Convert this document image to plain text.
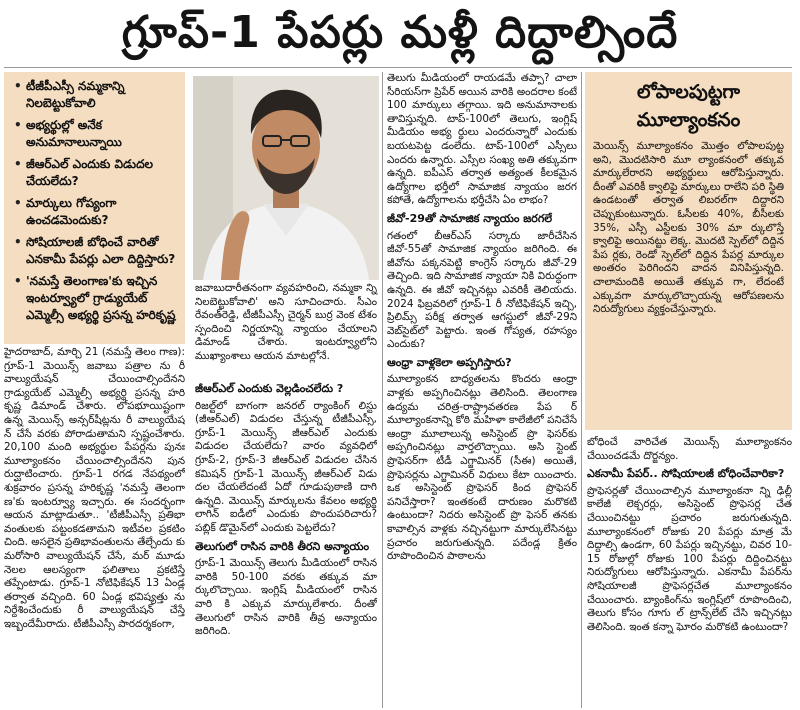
గ్రూప్-1 పేపర్లు మళ్లీ దిద్దాల్సిందే
• టీజీపీఎస్సీ నమ్మకాన్ని నిలబెట్టుకోవాలి
• అభ్యర్థుల్లో అనేక అనుమానాలున్నాయి
• జీఆర్ఎల్ ఎందుకు విడుదల చేయలేదు?
• మార్కులు గోప్యంగా ఉంచడమెందుకు?
• సోషియాలజీ బోధించే వారితో ఎనకామీ పేపర్లు ఎలా దిద్దిస్తారు?
• 'నమస్తే తెలంగాణ'కు ఇచ్చిన ఇంటర్వ్యూలో గ్రాడ్యుయేట్ ఎమ్మెల్సీ అభ్యర్థి ప్రసన్న హరికృష్ణ
జవాబుదారీతనంగా వ్యవహరించి, నమ్మకా న్ని నిలబెట్టుకోవాలి' అని సూచించారు. సీఎం రేవంత్‌రెడ్డి, టీజీపీఎస్సీ చైర్మన్ బుర్ర వెంక టేశం స్పందించి నిర్ణయాన్ని న్యాయం చేయాలని డిమాండ్ చేశారు. ఇంటర్వ్యూలోని ముఖ్యాంశాలు ఆయన మాటల్లోనే.

హైదరాబాద్, మార్చి 21 (నమస్తే తెలం గాణ): గ్రూప్-1 మెయిన్స్ జవాబు పత్రాల ను రీ వాల్యుయేషన్ చేయించాల్సిందేనని గ్రాడ్యుయేట్ ఎమ్మెల్సీ అభ్యర్థి ప్రసన్న హరి కృష్ణ డిమాండ్ చేశారు. లోపభూయిష్టంగా ఉన్న మెయిన్స్ అన్సర్‌షీట్లను రీ వాల్యుయేష న్ చేసే వరకు పోరాడుతామని స్పష్టంచేశారు. 20,100 మంది అభ్యర్థుల పేపర్లను పునః మూల్యాంకనం చేయించాల్సిందేనని పున రుద్ఘాటించారు. గ్రూప్-1 రగడ నేపథ్యంలో శుక్రవారం ప్రసన్న హరికృష్ణ 'నమస్తే తెలంగా ణ'కు ఇంటర్వ్యూ ఇచ్చారు. ఈ సందర్భంగా ఆయన మాట్లాడుతూ.. 'టీజీపీఎస్సీ ప్రతిభా వంతులకు పట్టంకడతామని ఇటీవల ప్రకటిం చింది. అసలైన ప్రతిభావంతులను తేల్చేందు కు మరోసారి వాల్యుయేషన్ చేసే, మర్ మూడు నెలల ఆలస్యంగా ఫలితాలు ప్రకటిస్తే తప్పేంటాడు. గ్రూప్-1 నోటిఫికేషన్ 13 ఏండ్ల తర్వాత వచ్చింది. 60 ఏండ్ల భవిష్యత్తు ను నిర్దేశించేందుకు రీ వాల్యుయేషన్ చేస్తే ఇబ్బందేమీరాదు. టీజీపీఎస్సీ పారదర్శకంగా,

జీఆర్ఎల్ ఎందుకు వెల్లడించలేదు ?

రిజల్ట్‌లో బాగంగా జనరల్ ర్యాంకింగ్ లిస్టు (జీఆర్ఎల్) విడుదల చేస్తున్న టీజీపీఎస్సీ, గ్రూప్-1 మెయిన్స్ జీఆర్ఎల్ ఎందుకు విడుదల చేయలేదు? వారం వ్యవధిలో గ్రూప్-2, గ్రూప్-3 జీఆర్ఎల్ విడుదల చేసిన కమిషన్ గ్రూప్-1 మెయిన్స్ జీఆర్ఎల్ విడు దల చేయలేదంటే ఏదో గూడుపుఠాణి దాగి ఉన్నది. మెయిన్స్ మార్కులను కేవలం అభ్యర్థి లాగిన్ ఐడీలో ఎందుకు పొందుపరిచారు? పబ్లిక్ డొమైన్‌లో ఎందుకు పెట్టలేదు?

తెలుగులో రాసిన వారికి తీరని అన్యాయం

గ్రూప్-1 మెయిన్స్ తెలుగు మీడియంలో రాసిన వారికి 50-100 వరకు తక్కువ మా ర్కులొచ్చాయి. ఇంగ్లిష్ మీడియంలో రాసిన వారి కి ఎక్కువ మార్కులేశారు. దీంతో తెలుగులో రాసిన వారికి తీవ్ర అన్యాయం జరిగింది.

తెలుగు మీడియంలో రాయడమే తప్పా? చాలా సీరియస్‌గా ప్రిపేర్ అయిన వారికి అందరాల కంటే 100 మార్కులు తగ్గాయి. ఇది అనుమానాలకు తావిస్తున్నది. టాప్-100లో తెలుగు, ఇంగ్లిష్ మీడియం అభ్య ర్థులు ఎందరున్నారో ఎందుకు బయటపెట్ట డంలేదు. టాప్-100లో ఎస్సీలు ఎందరు ఉన్నారు. ఎస్సీల సంఖ్య అతి తక్కువగా ఉన్నది. ఐపీఎస్ తర్వాత అత్యంత కీలకమైన ఉద్యోగాల భర్తీలో సామాజిక న్యాయం జరగ కపోతే, ఉద్యోగాలను భర్తీచేసి ఏం లాభం?

జీవో-29తో సామాజిక న్యాయం జరగలే

గతంలో బీఆర్ఎస్ సర్కారు జారీచేసిన జీవో-55తో సామాజిక న్యాయం జరిగింది. ఈ జీవోను పక్కనపెట్టి కాంగ్రెస్ సర్కారు జీవో-29 తెచ్చింది. ఇది సామాజిక న్యాయా నికి విరుద్ధంగా ఉన్నది. ఈ జీవో ఇచ్చినట్లు ఎవరికీ తెలియదు. 2024 ఫిబ్రవరిలో గ్రూప్-1 రీ నోటిఫికేషన్ ఇచ్చి, ప్రిలిమ్స్ పరీక్ష తర్వాత ఆగస్టులో జీవో-29ని వెబ్‌సైట్‌లో పెట్టారు. ఇంత గోప్యత, రహస్యం ఎందుకు?

ఆంధ్రా వాళ్లకెలా అప్పగిస్తారు?

మూల్యాంకన బాధ్యతలను కొందరు ఆంధ్రా వాళ్లకు అప్పగించినట్లు తెలిసింది. తెలంగాణ ఉద్యమ చరిత్ర-రాష్ట్రావతరణ పేప ర్ మూల్యాంకనాన్ని కోఠి మహిళా కాలేజీలో పనిచేసే ఆంధ్రా మూలాలున్న అసిస్టెంట్ ప్రొ ఫెసర్‌కు అప్పగించినట్లు వార్తలొచ్చాయి. అసి స్టెంట్ ప్రొఫెసర్‌గా టీడీ ఎగ్జామినర్ (సీఈ) అయితే, ప్రొఫెసర్లను ఎగ్జామినర్‌ విధులు కేటా యించారు. ఒక అసిస్టెంట్ ప్రొఫెసర్ కింద ప్రొఫెసర్ పనిచేస్తారా? ఇంతకంటే దారుణం మరొకటి ఉంటుందా? నిదరు అసిస్టెంట్ ప్రొ ఫెసర్ తనకు కావాల్సిన వాళ్లకు నచ్చినట్టుగా మార్కులేసినట్టు ప్రచారం జరుగుతున్నది. పదేండ్ల క్రితం రూపొందించిన పాఠాలను

లోపాలపుట్టగా
మూల్యాంకనం
మెయిన్స్ మూల్యాంకనం మొత్తం లోపాలపుట్ట అని, మొదటిసారి మూ ల్యాంకనంలో తక్కువ మార్కులేరారని అభ్యర్థులు ఆరోపిస్తున్నారు. దీంతో ఎవరికీ క్వాలిఫై మార్కులు రాలేని పరి స్థితి ఉండటంతో తర్వాత లిబరల్‌గా దిద్దారని చెప్పుకుంటున్నారు. ఓసీలకు 40%, బీసీలకు 35%, ఎస్సీ ఎస్టీలకు 30% మా ర్కులొస్తే క్వాలిఫై అయినట్టు లెక్క. మొదటి స్పెల్‌లో దిద్దిన పేప ర్లకు, రెండో స్పెల్‌లో దిద్దిన పేపర్ల మార్కుల అంతరం పెరిగిందని వాదన వినిపిస్తున్నది. చాలామందికి అయితే తక్కువ గా, లేదంటే ఎక్కువగా మార్కులొచ్చాయన్న ఆరోపణలను నిరుద్యోగులు వ్యక్తంచేస్తున్నారు.

బోధించే వారిచేత మెయిన్స్ మూల్యాంకనం చేయించడమే దొర్జన్యం.

ఎకనామీ పేపర్.. సోషియాలజీ బోధించేవారికా?

ప్రొఫెసర్లతో చేయించాల్సిన మూల్యాంకనా న్ని ఢిల్లీ కాలేజీ లెక్చరర్లు, అసిస్టెంట్ ప్రొఫెసర్ల చేత చేయించినట్టు ప్రచారం జరుగుతున్నది. మూల్యాంకనంలో రోజుకు 20 పేపర్లు మాత్ర మే దిద్దాల్సి ఉండగా, 60 పేపర్లు ఇచ్చినట్టు, చివర 10-15 రోజుల్లో రోజుకు 100 పేపర్లు దిద్దించినట్టు నిరుద్యోగులు ఆరోపిస్తున్నారు. ఎకనామీ పేపర్‌ను సోషియాలజీ ప్రొఫెసర్లచేత మూల్యాంకనం చేయించారు. బ్యాంకింగ్‌ను ఇంగ్లిష్‌లో రూపొందించి, తెలుగు కోసం గూగు ల్ ట్రాన్స్‌లేట్ చేసి ఇచ్చినట్లు తెలిసింది. ఇంత కన్నా ఘోరం మరొకటి ఉంటుందా?
